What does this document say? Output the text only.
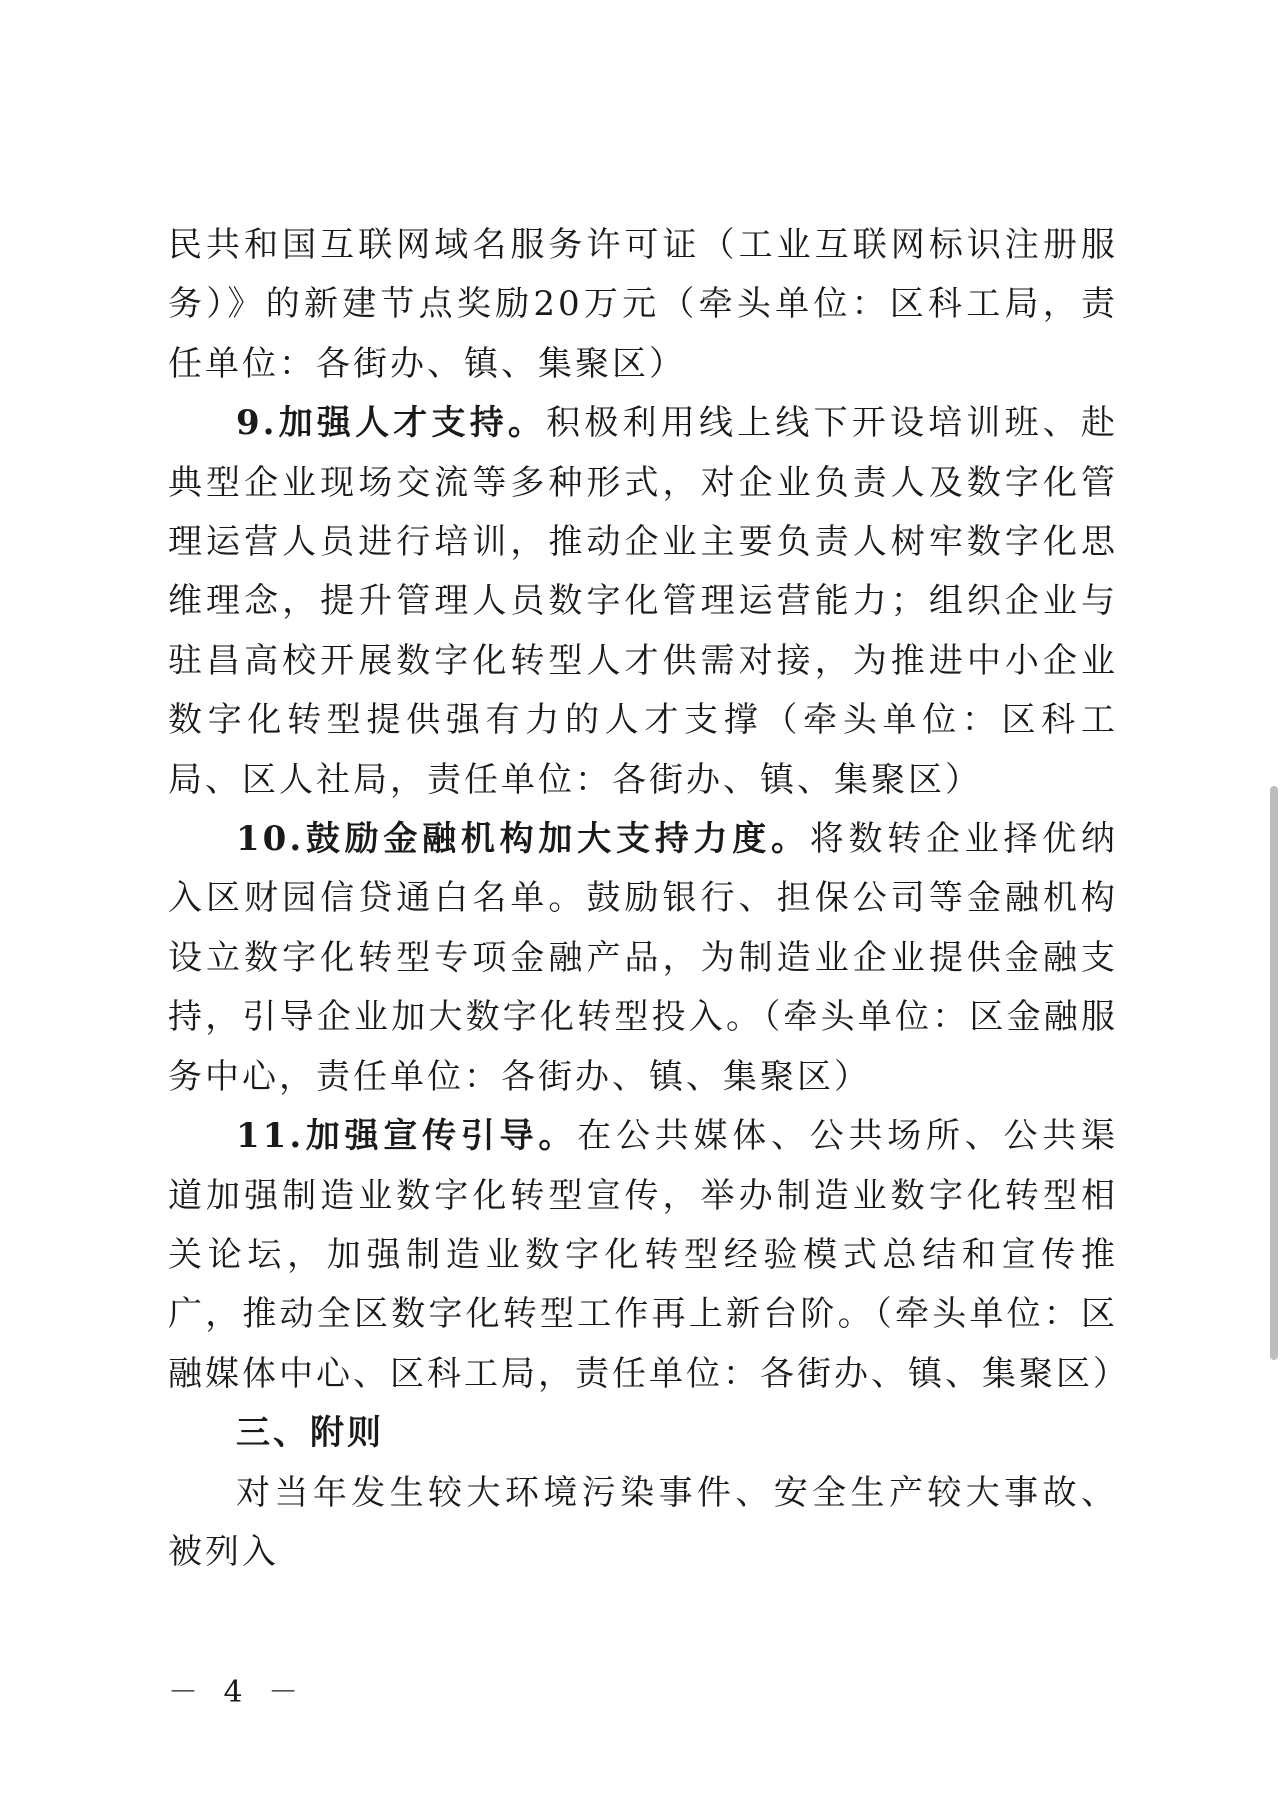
民共和国互联网域名服务许可证（工业互联网标识注册服务）》的新建节点奖励20万元（牵头单位：区科工局，责任单位：各街办、镇、集聚区）

9.加强人才支持。积极利用线上线下开设培训班、赴典型企业现场交流等多种形式，对企业负责人及数字化管理运营人员进行培训，推动企业主要负责人树牢数字化思维理念，提升管理人员数字化管理运营能力；组织企业与驻昌高校开展数字化转型人才供需对接，为推进中小企业数字化转型提供强有力的人才支撑（牵头单位：区科工局、区人社局，责任单位：各街办、镇、集聚区）

10.鼓励金融机构加大支持力度。将数转企业择优纳入区财园信贷通白名单。鼓励银行、担保公司等金融机构设立数字化转型专项金融产品，为制造业企业提供金融支持，引导企业加大数字化转型投入。（牵头单位：区金融服务中心，责任单位：各街办、镇、集聚区）

11.加强宣传引导。在公共媒体、公共场所、公共渠道加强制造业数字化转型宣传，举办制造业数字化转型相关论坛，加强制造业数字化转型经验模式总结和宣传推广，推动全区数字化转型工作再上新台阶。（牵头单位：区融媒体中心、区科工局，责任单位：各街办、镇、集聚区）

三、附则

对当年发生较大环境污染事件、安全生产较大事故、被列入

－ 4 －
